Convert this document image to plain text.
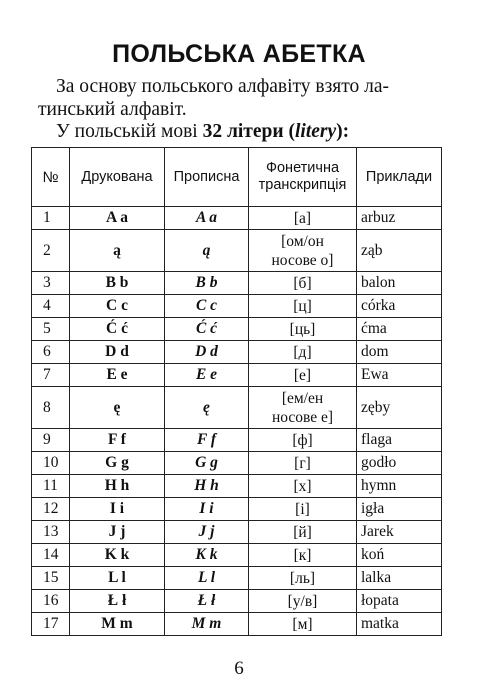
ПОЛЬСЬКА АБЕТКА
За основу польського алфавіту взято ла-
тинський алфавіт.
У польській мові 32 літери (litery):
№	Друкована	Прописна	Фонетична
транскрипція	Приклади
1	A a	A a	[а]	arbuz
2	ą	ą	[ом/он
носове о]	ząb
3	B b	B b	[б]	balon
4	C c	C c	[ц]	córka
5	Ć ć	Ć ć	[ць]	ćma
6	D d	D d	[д]	dom
7	E e	E e	[е]	Ewa
8	ę	ę	[ем/ен
носове е]	zęby
9	F f	F f	[ф]	flaga
10	G g	G g	[г]	godło
11	H h	H h	[х]	hymn
12	I i	I i	[і]	igła
13	J j	J j	[й]	Jarek
14	K k	K k	[к]	koń
15	L l	L l	[ль]	lalka
16	Ł ł	Ł ł	[у/в]	łopata
17	M m	M m	[м]	matka
6
